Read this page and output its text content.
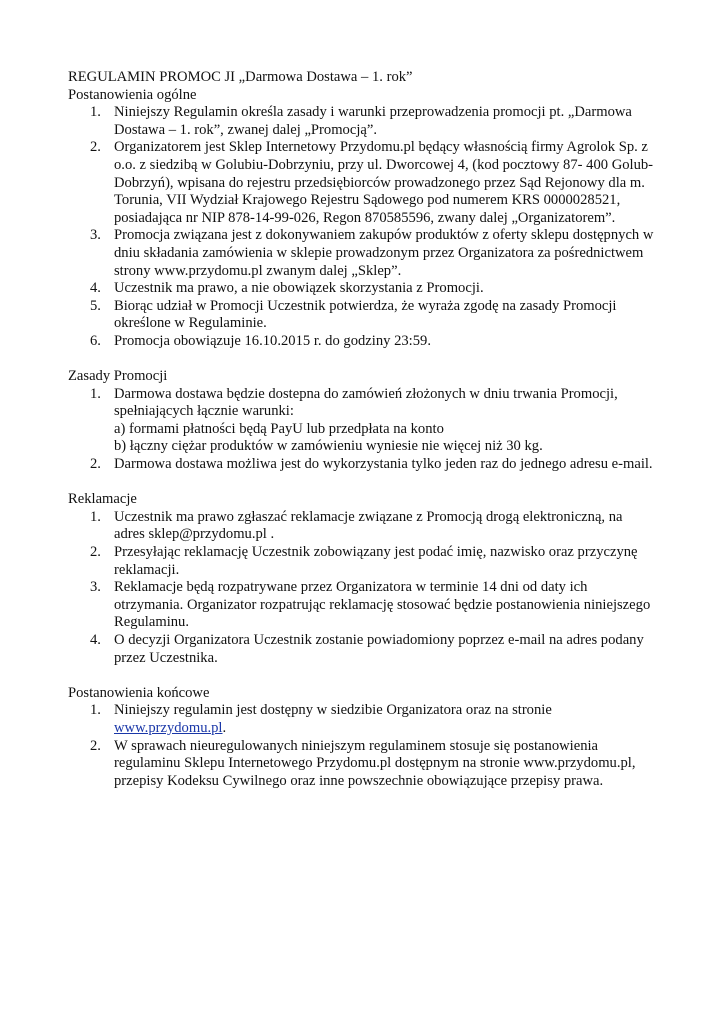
REGULAMIN PROMOC JI „Darmowa Dostawa – 1. rok”
Postanowienia ogólne
1. Niniejszy Regulamin określa zasady i warunki przeprowadzenia promocji pt. „Darmowa
Dostawa – 1. rok”, zwanej dalej „Promocją”.
2. Organizatorem jest Sklep Internetowy Przydomu.pl będący własnością firmy Agrolok Sp. z
o.o. z siedzibą w Golubiu-Dobrzyniu, przy ul. Dworcowej 4, (kod pocztowy 87- 400 Golub-
Dobrzyń), wpisana do rejestru przedsiębiorców prowadzonego przez Sąd Rejonowy dla m.
Torunia, VII Wydział Krajowego Rejestru Sądowego pod numerem KRS 0000028521,
posiadająca nr NIP 878-14-99-026, Regon 870585596, zwany dalej „Organizatorem”.
3. Promocja związana jest z dokonywaniem zakupów produktów z oferty sklepu dostępnych w
dniu składania zamówienia w sklepie prowadzonym przez Organizatora za pośrednictwem
strony www.przydomu.pl zwanym dalej „Sklep”.
4. Uczestnik ma prawo, a nie obowiązek skorzystania z Promocji.
5. Biorąc udział w Promocji Uczestnik potwierdza, że wyraża zgodę na zasady Promocji
określone w Regulaminie.
6. Promocja obowiązuje 16.10.2015 r. do godziny 23:59.
Zasady Promocji
1. Darmowa dostawa będzie dostepna do zamówień złożonych w dniu trwania Promocji,
spełniających łącznie warunki:
a) formami płatności będą PayU lub przedpłata na konto
b) łączny ciężar produktów w zamówieniu wyniesie nie więcej niż 30 kg.
2. Darmowa dostawa możliwa jest do wykorzystania tylko jeden raz do jednego adresu e-mail.
Reklamacje
1. Uczestnik ma prawo zgłaszać reklamacje związane z Promocją drogą elektroniczną, na
adres sklep@przydomu.pl .
2. Przesyłając reklamację Uczestnik zobowiązany jest podać imię, nazwisko oraz przyczynę
reklamacji.
3. Reklamacje będą rozpatrywane przez Organizatora w terminie 14 dni od daty ich
otrzymania. Organizator rozpatrując reklamację stosować będzie postanowienia niniejszego
Regulaminu.
4. O decyzji Organizatora Uczestnik zostanie powiadomiony poprzez e-mail na adres podany
przez Uczestnika.
Postanowienia końcowe
1. Niniejszy regulamin jest dostępny w siedzibie Organizatora oraz na stronie
www.przydomu.pl.
2. W sprawach nieuregulowanych niniejszym regulaminem stosuje się postanowienia
regulaminu Sklepu Internetowego Przydomu.pl dostępnym na stronie www.przydomu.pl,
przepisy Kodeksu Cywilnego oraz inne powszechnie obowiązujące przepisy prawa.
